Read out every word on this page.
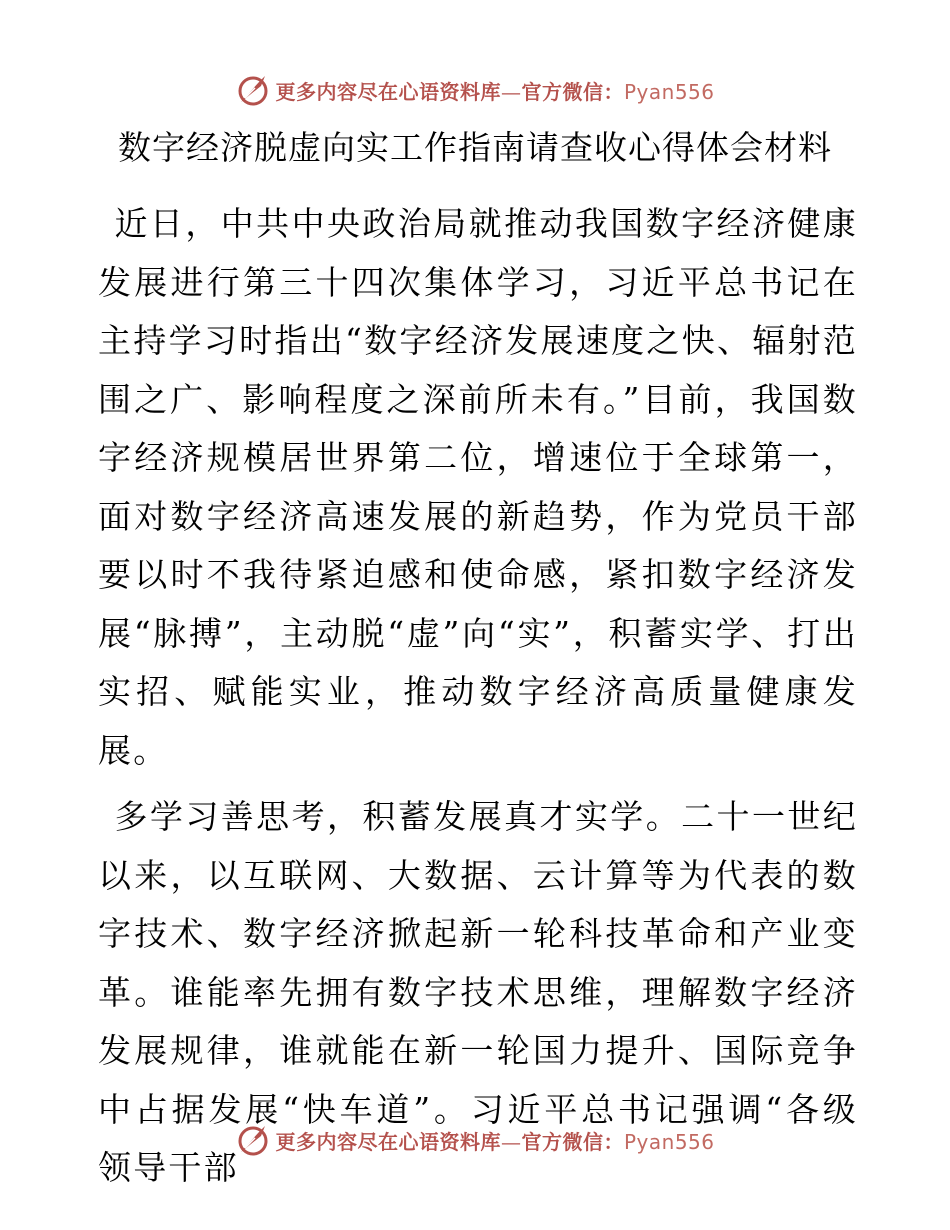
更多内容尽在心语资料库—官方微信：Pyan556
数字经济脱虚向实工作指南请查收心得体会材料

近日，中共中央政治局就推动我国数字经济健康发展进行第三十四次集体学习，习近平总书记在主持学习时指出“数字经济发展速度之快、辐射范围之广、影响程度之深前所未有。”目前，我国数字经济规模居世界第二位，增速位于全球第一，面对数字经济高速发展的新趋势，作为党员干部要以时不我待紧迫感和使命感，紧扣数字经济发展“脉搏”，主动脱“虚”向“实”，积蓄实学、打出实招、赋能实业，推动数字经济高质量健康发展。

多学习善思考，积蓄发展真才实学。二十一世纪以来，以互联网、大数据、云计算等为代表的数字技术、数字经济掀起新一轮科技革命和产业变革。谁能率先拥有数字技术思维，理解数字经济发展规律，谁就能在新一轮国力提升、国际竞争中占据发展“快车道”。习近平总书记强调“各级领导干部

更多内容尽在心语资料库—官方微信：Pyan556
